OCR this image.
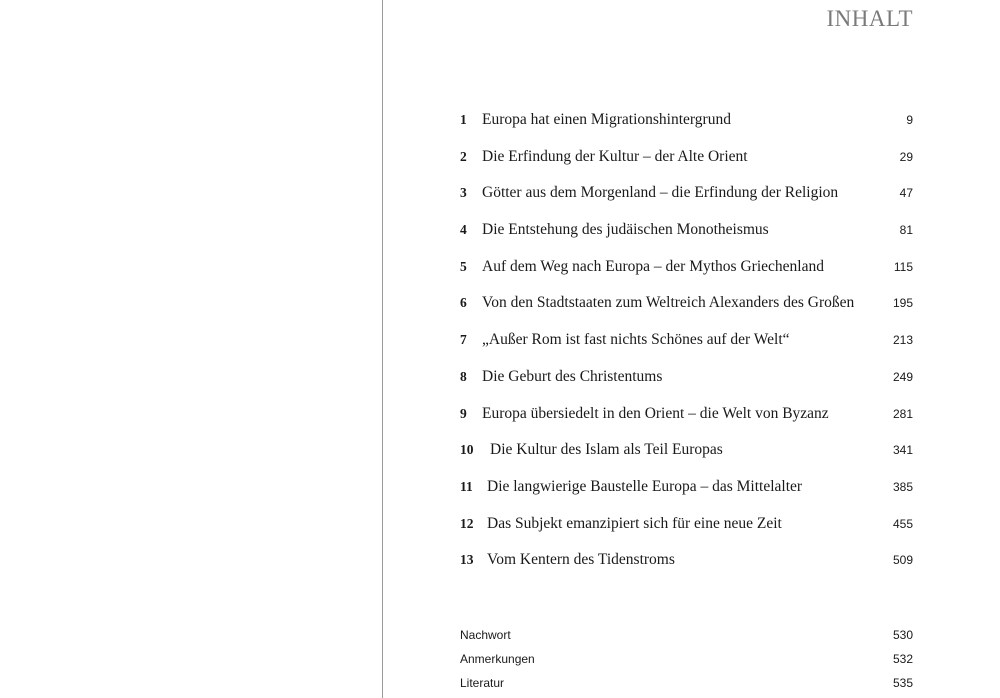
INHALT
1 Europa hat einen Migrationshintergrund	9
2 Die Erfindung der Kultur – der Alte Orient	29
3 Götter aus dem Morgenland – die Erfindung der Religion	47
4 Die Entstehung des judäischen Monotheismus	81
5 Auf dem Weg nach Europa – der Mythos Griechenland	115
6 Von den Stadtstaaten zum Weltreich Alexanders des Großen	195
7 „Außer Rom ist fast nichts Schönes auf der Welt“	213
8 Die Geburt des Christentums	249
9 Europa übersiedelt in den Orient – die Welt von Byzanz	281
10	Die Kultur des Islam als Teil Europas	341
11 Die langwierige Baustelle Europa – das Mittelalter	385
12 Das Subjekt emanzipiert sich für eine neue Zeit	455
13 Vom Kentern des Tidenstroms	509
Nachwort	530
Anmerkungen	532
Literatur	535
